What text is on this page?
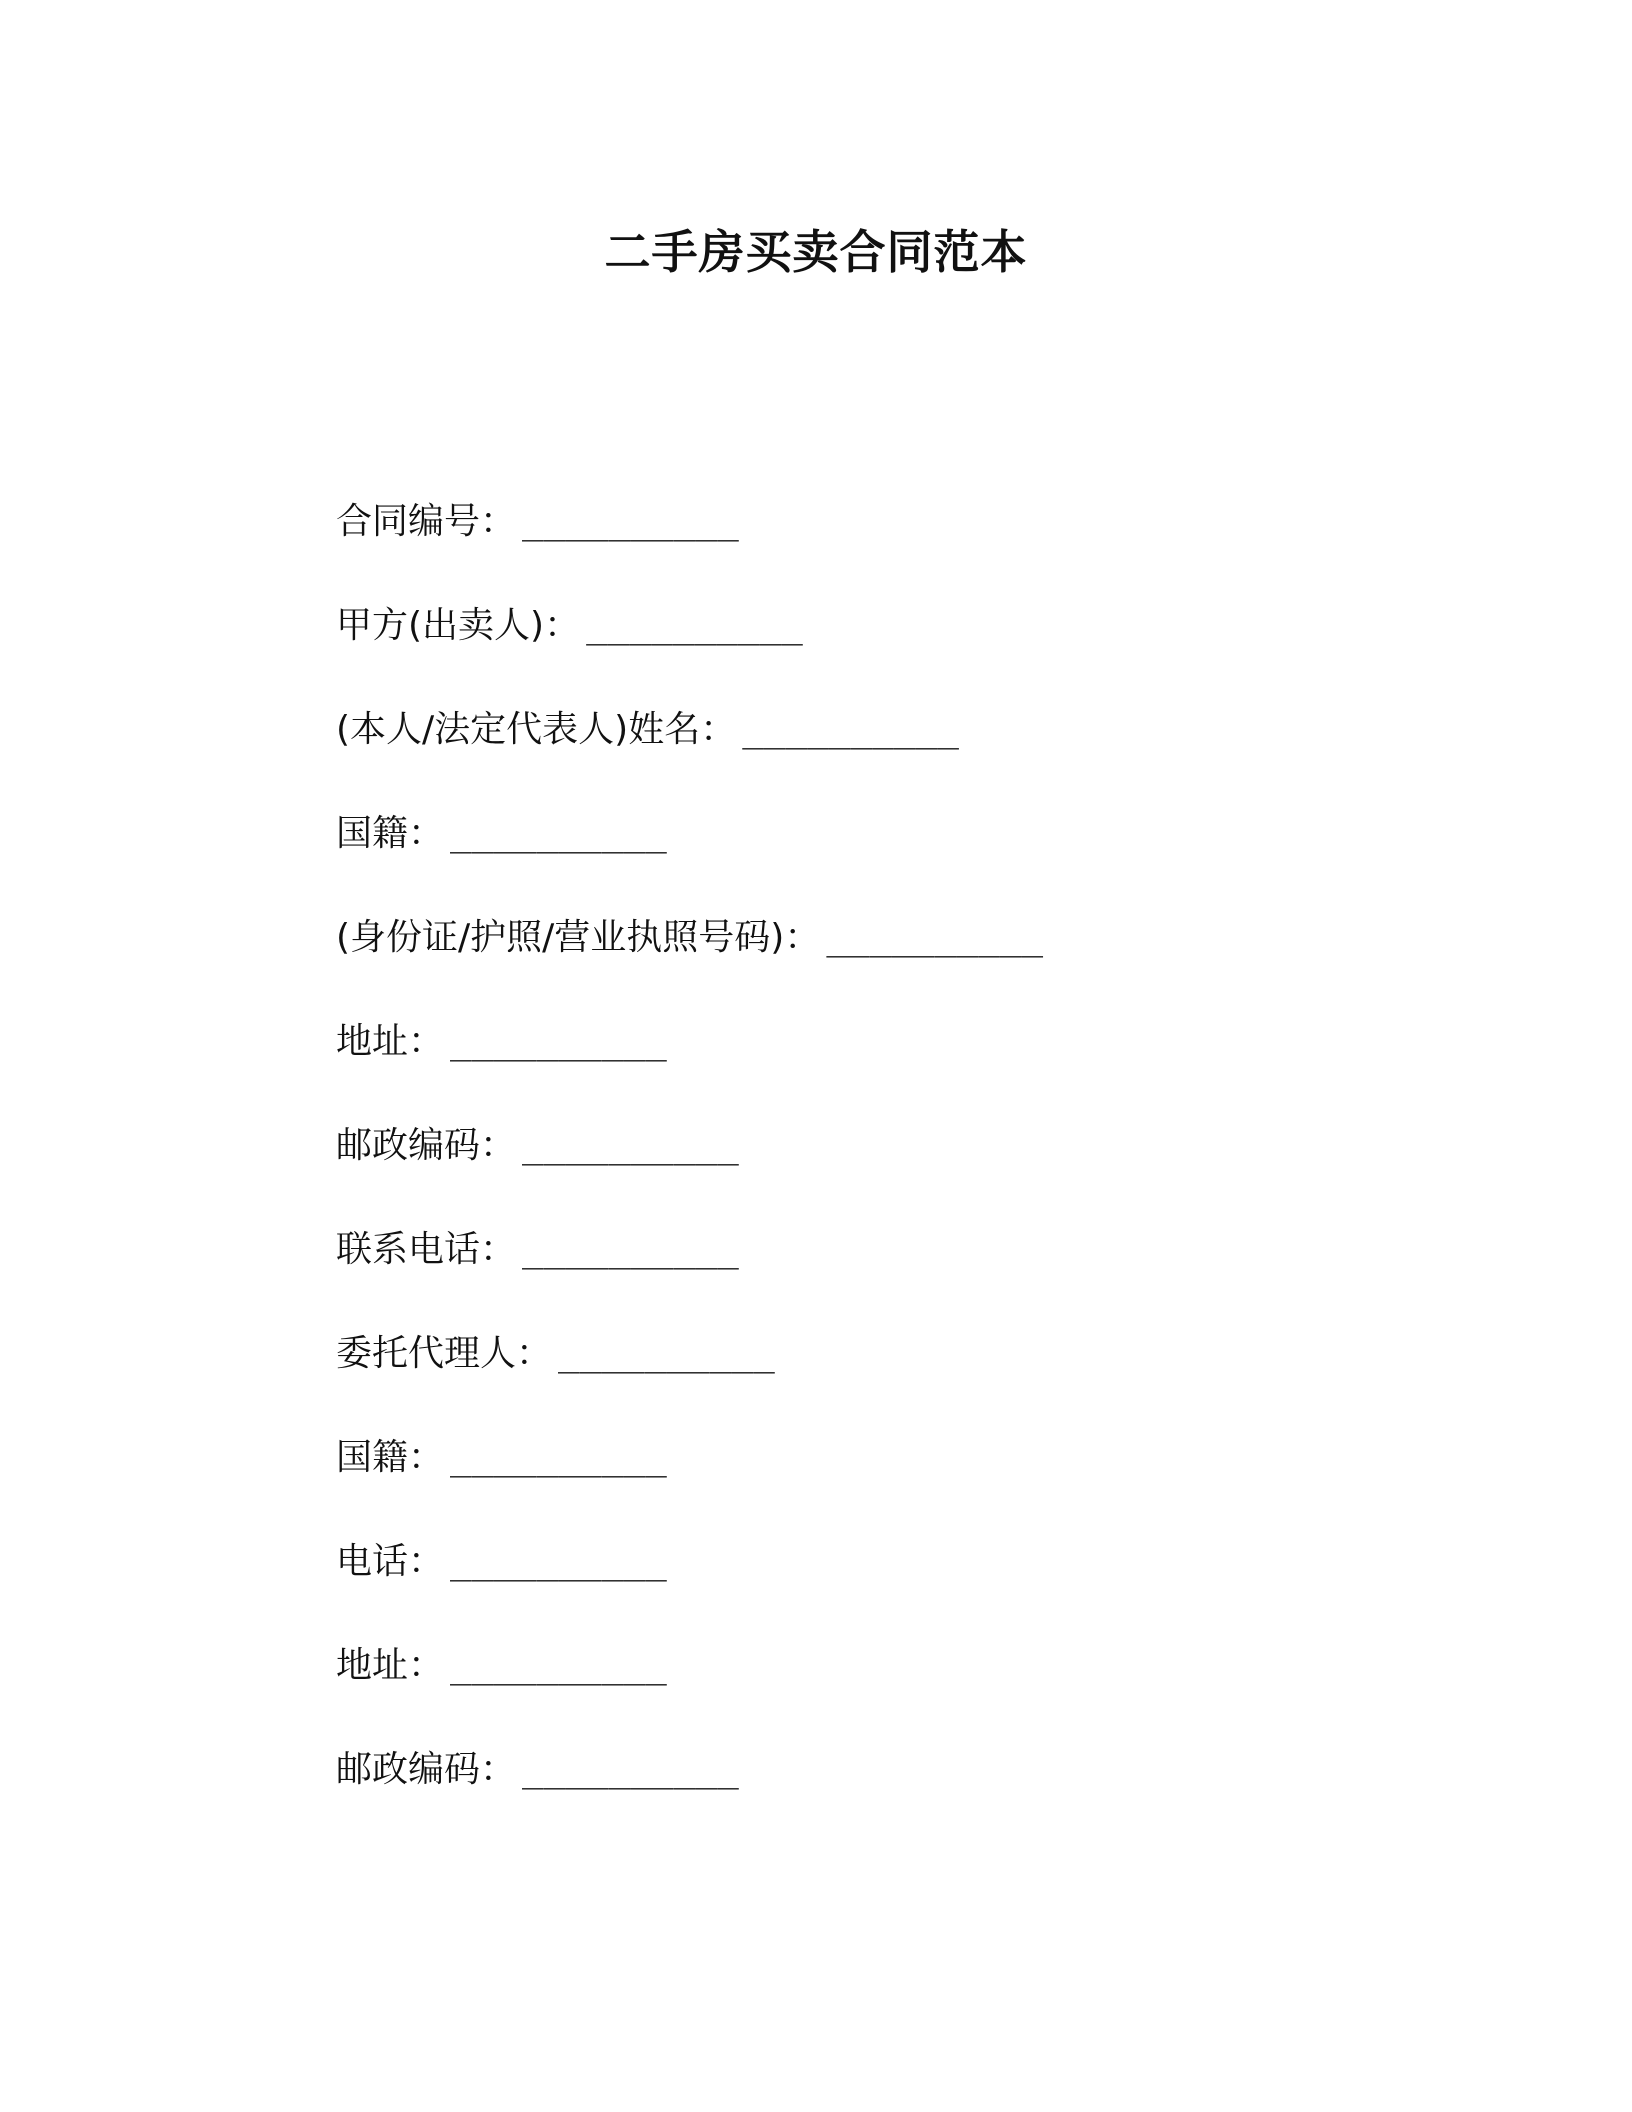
二手房买卖合同范本
合同编号： __________
甲方(出卖人)： __________
(本人/法定代表人)姓名： __________
国籍： __________
(身份证/护照/营业执照号码)： __________
地址： __________
邮政编码： __________
联系电话： __________
委托代理人： __________
国籍： __________
电话： __________
地址： __________
邮政编码： __________
